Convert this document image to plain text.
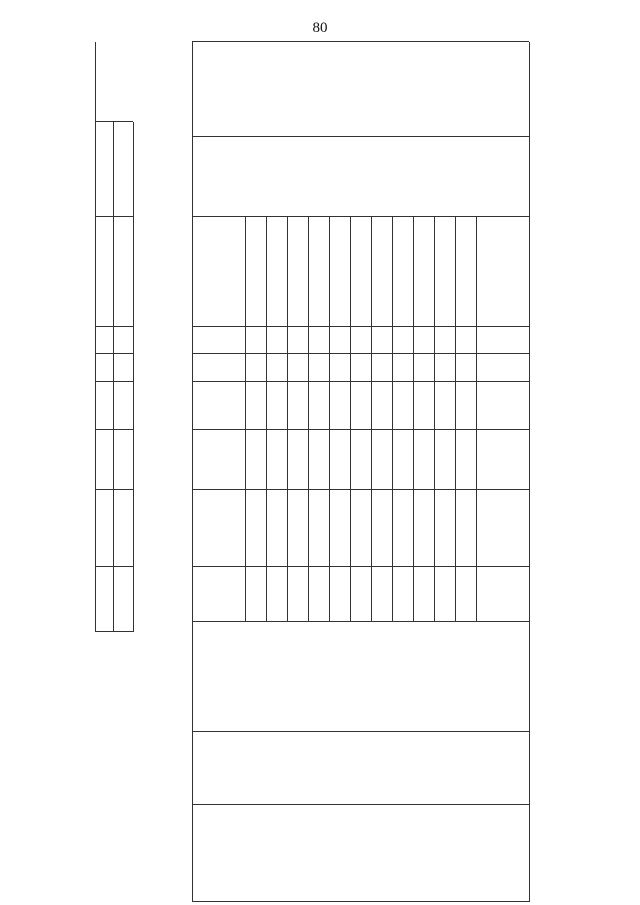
80
